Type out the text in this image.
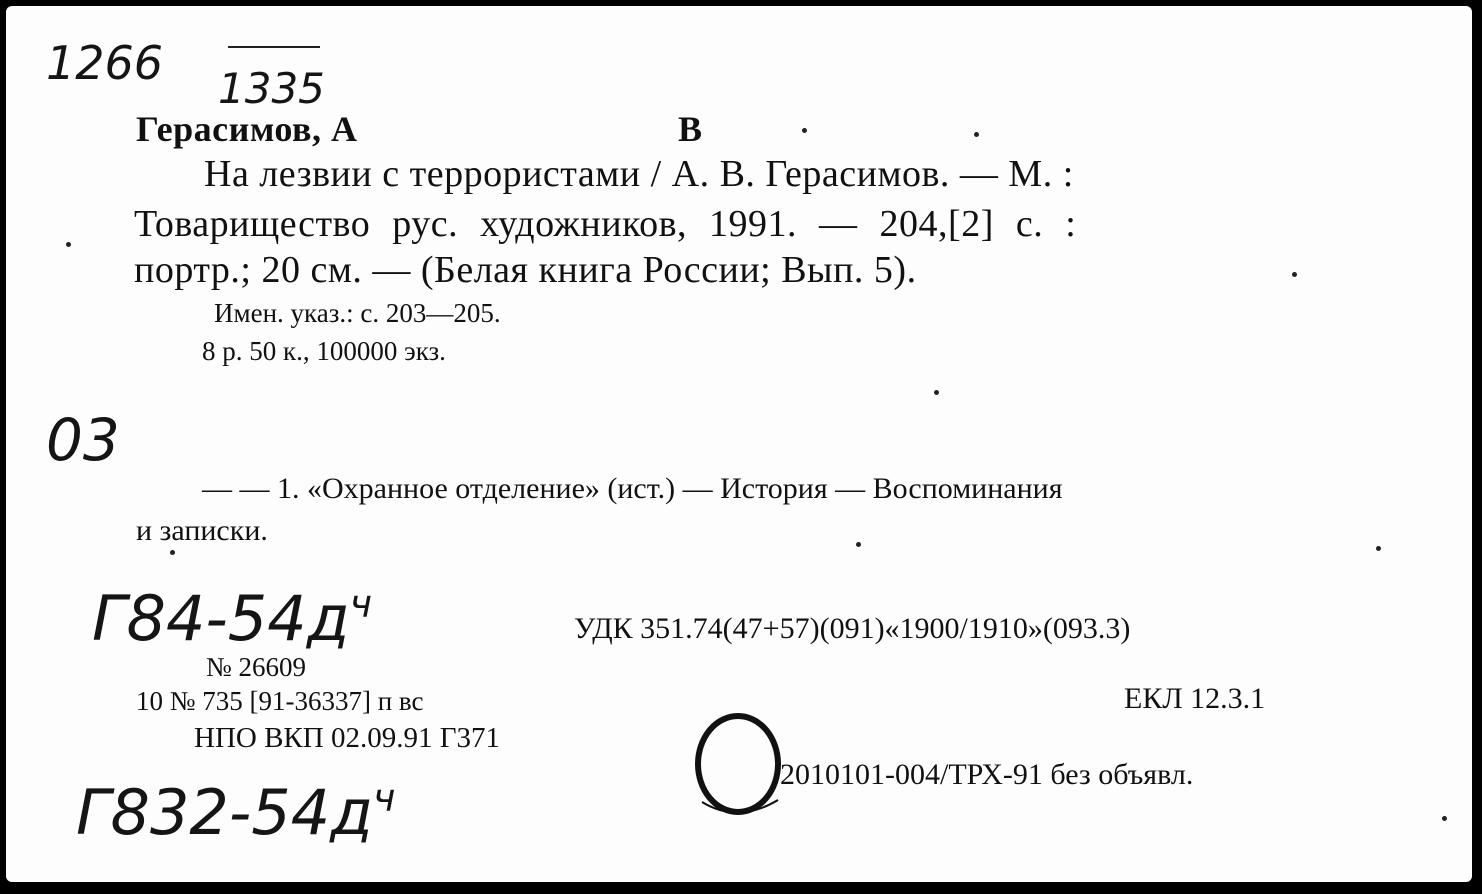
1266 1335
03
Герасимов, А	В
На лезвии с террористами / А. В. Герасимов. — М. :
Товарищество рус. художников, 1991. — 204,[2] с. :
портр.; 20 см. — (Белая книга России; Вып. 5).
Имен. указ.: с. 203—205.
8 р. 50 к., 100000 экз.
— — 1. «Охранное отделение» (ист.) — История — Воспоминания
и записки.
$Г84-54д^ч$
УДК 351.74(47+57)(091)«1900/1910»(093.3)
№ 26609
10 № 735 [91-36337] п вс
НПО ВКП 02.09.91 Г371
ЕКЛ 12.3.1
2010101-004/ТРХ-91 без объявл.
$Г832-54д^ч$
